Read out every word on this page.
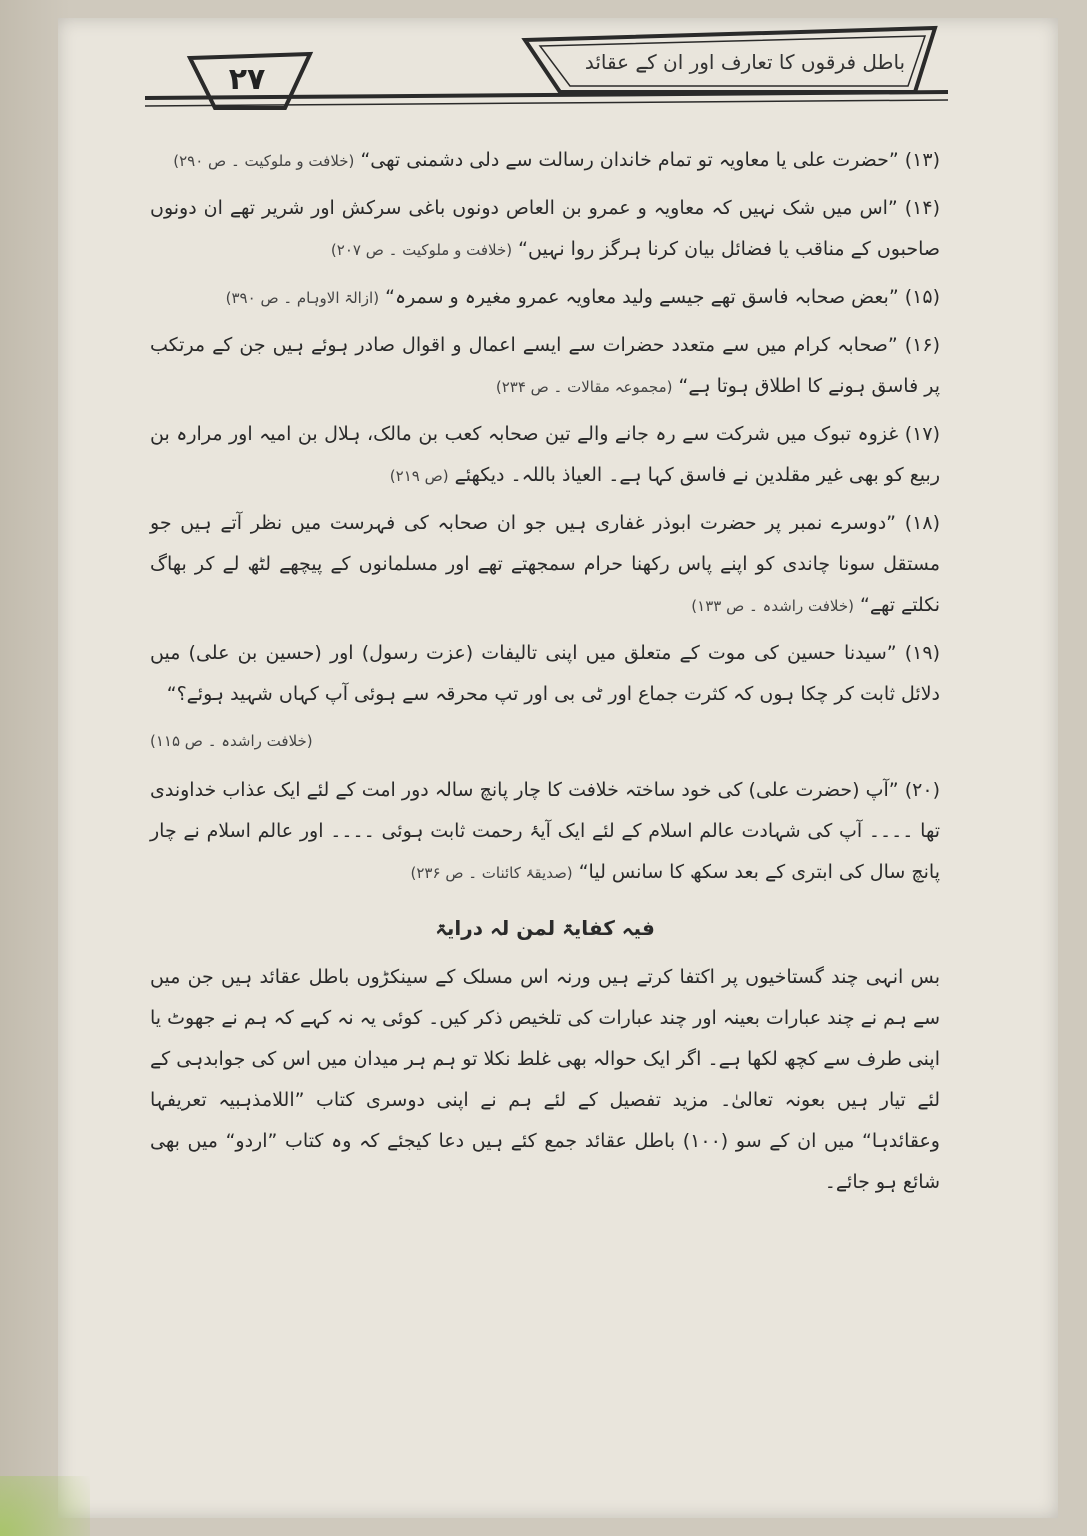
۲۷	باطل فرقوں کا تعارف اور ان کے عقائد

(۱۳) ”حضرت علی یا معاویہ تو تمام خاندان رسالت سے دلی دشمنی تھی“ (خلافت و ملوکیت ۔ ص ۲۹۰)

(۱۴) ”اس میں شک نہیں کہ معاویہ و عمرو بن العاص دونوں باغی سرکش اور شریر تھے ان دونوں صاحبوں کے مناقب یا فضائل بیان کرنا ہرگز روا نہیں“ (خلافت و ملوکیت ۔ ص ۲۰۷)

(۱۵) ”بعض صحابہ فاسق تھے جیسے ولید معاویہ عمرو مغیرہ و سمرہ“ (ازالۃ الاوہام ۔ ص ۳۹۰)

(۱۶) ”صحابہ کرام میں سے متعدد حضرات سے ایسے اعمال و اقوال صادر ہوئے ہیں جن کے مرتکب پر فاسق ہونے کا اطلاق ہوتا ہے“ (مجموعہ مقالات ۔ ص ۲۳۴)

(۱۷) غزوہ تبوک میں شرکت سے رہ جانے والے تین صحابہ کعب بن مالک، ہلال بن امیہ اور مرارہ بن ربیع کو بھی غیر مقلدین نے فاسق کہا ہے۔ العیاذ باللہ۔ دیکھئے (ص ۲۱۹)

(۱۸) ”دوسرے نمبر پر حضرت ابوذر غفاری ہیں جو ان صحابہ کی فہرست میں نظر آتے ہیں جو مستقل سونا چاندی کو اپنے پاس رکھنا حرام سمجھتے تھے اور مسلمانوں کے پیچھے لٹھ لے کر بھاگ نکلتے تھے“ (خلافت راشدہ ۔ ص ۱۳۳)

(۱۹) ”سیدنا حسین کی موت کے متعلق میں اپنی تالیفات (عزت رسول) اور (حسین بن علی) میں دلائل ثابت کر چکا ہوں کہ کثرت جماع اور ٹی بی اور تپ محرقہ سے ہوئی آپ کہاں شہید ہوئے؟“

(خلافت راشدہ ۔ ص ۱۱۵)

(۲۰) ”آپ (حضرت علی) کی خود ساختہ خلافت کا چار پانچ سالہ دور امت کے لئے ایک عذاب خداوندی تھا ۔۔۔۔ آپ کی شہادت عالم اسلام کے لئے ایک آیۂ رحمت ثابت ہوئی ۔۔۔۔ اور عالم اسلام نے چار پانچ سال کی ابتری کے بعد سکھ کا سانس لیا“ (صدیقۂ کائنات ۔ ص ۲۳۶)

فیہ کفایۃ لمن لہ درایۃ

بس انہی چند گستاخیوں پر اکتفا کرتے ہیں ورنہ اس مسلک کے سینکڑوں باطل عقائد ہیں جن میں سے ہم نے چند عبارات بعینہ اور چند عبارات کی تلخیص ذکر کیں۔ کوئی یہ نہ کہے کہ ہم نے جھوٹ یا اپنی طرف سے کچھ لکھا ہے۔ اگر ایک حوالہ بھی غلط نکلا تو ہم ہر میدان میں اس کی جوابدہی کے لئے تیار ہیں بعونہ تعالیٰ۔ مزید تفصیل کے لئے ہم نے اپنی دوسری کتاب ”اللامذہبیہ تعریفہا وعقائدہا“ میں ان کے سو (۱۰۰) باطل عقائد جمع کئے ہیں دعا کیجئے کہ وہ کتاب ”اردو“ میں بھی شائع ہو جائے۔
